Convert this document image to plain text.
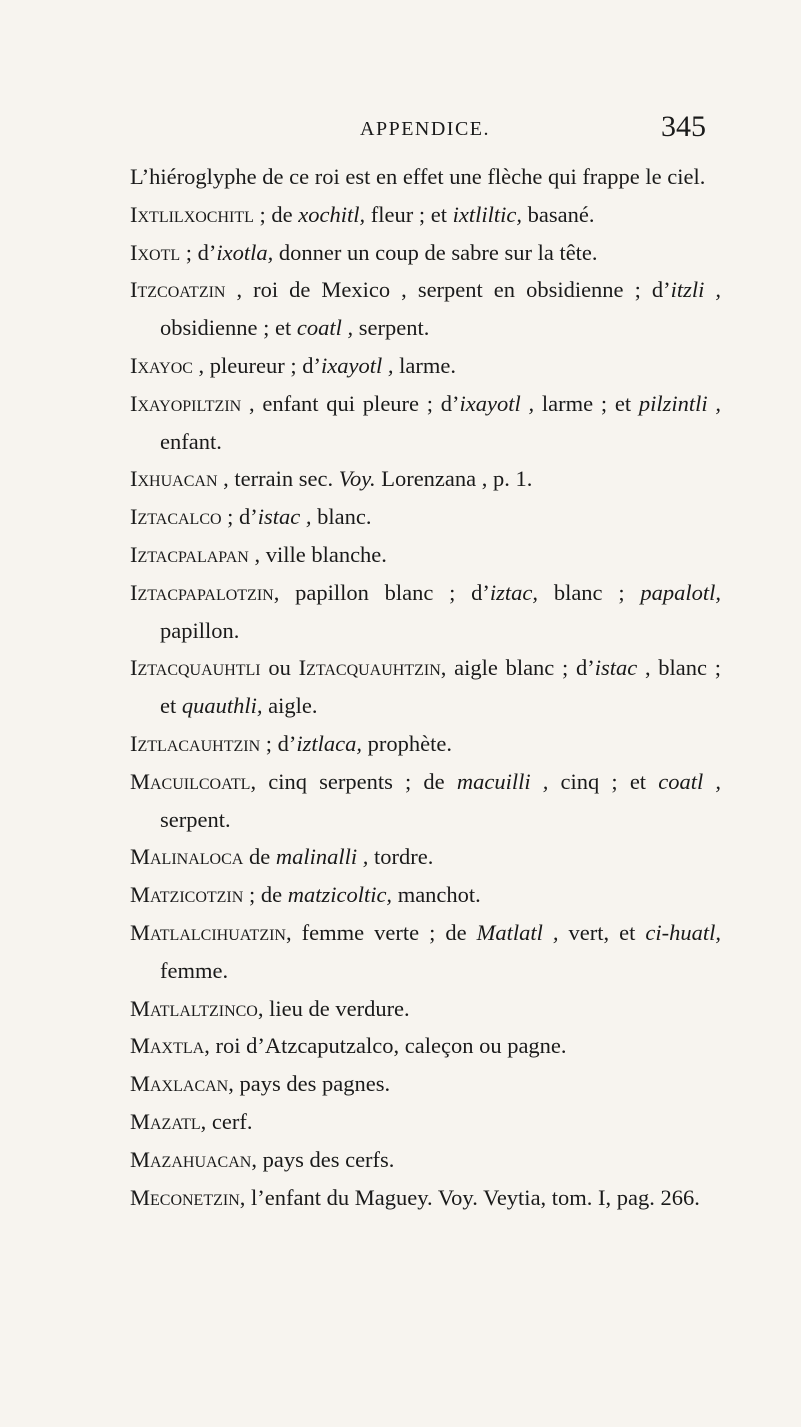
APPENDICE.	345

L’hiéroglyphe de ce roi est en effet une flèche qui frappe le ciel.

Ixtlilxochitl ; de xochitl, fleur ; et ixtliltic, basané.

Ixotl ; d’ixotla, donner un coup de sabre sur la tête.

Itzcoatzin , roi de Mexico , serpent en obsidienne ; d’itzli , obsidienne ; et coatl , serpent.

Ixayoc , pleureur ; d’ixayotl , larme.

Ixayopiltzin , enfant qui pleure ; d’ixayotl , larme ; et pilzintli , enfant.

Ixhuacan , terrain sec. Voy. Lorenzana , p. 1.

Iztacalco ; d’istac , blanc.

Iztacpalapan , ville blanche.

Iztacpapalotzin, papillon blanc ; d’iztac, blanc ; papalotl, papillon.

Iztacquauhtli ou Iztacquauhtzin, aigle blanc ; d’istac , blanc ; et quauthli, aigle.

Iztlacauhtzin ; d’iztlaca, prophète.

Macuilcoatl, cinq serpents ; de macuilli , cinq ; et coatl , serpent.

Malinaloca de malinalli , tordre.

Matzicotzin ; de matzicoltic, manchot.

Matlalcihuatzin, femme verte ; de Matlatl , vert, et ci-huatl, femme.

Matlaltzinco, lieu de verdure.

Maxtla, roi d’Atzcaputzalco, caleçon ou pagne.

Maxlacan, pays des pagnes.

Mazatl, cerf.

Mazahuacan, pays des cerfs.

Meconetzin, l’enfant du Maguey. Voy. Veytia, tom. I, pag. 266.
